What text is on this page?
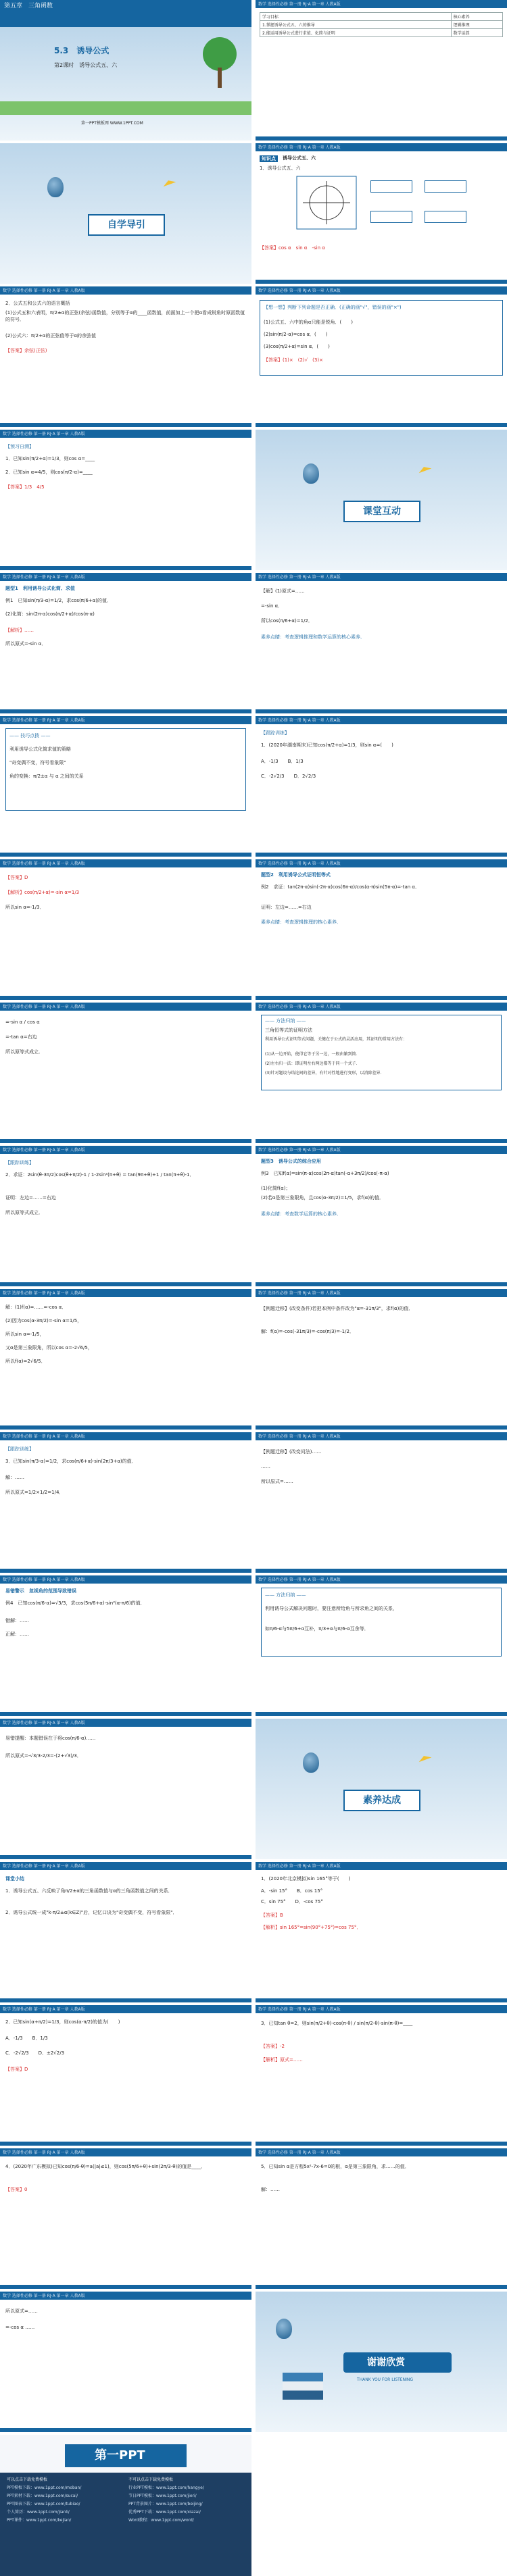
第五章　三角函数
5.3　诱导公式
第2课时　诱导公式五、六
第一PPT模板网 WWW.1PPT.COM
数学 选择性必修 第一册 RJ·A 第一章 人教A版
学习目标	核心素养
1.掌握诱导公式五、六的推导	逻辑推理
2.能运用诱导公式进行求值、化简与证明	数学运算
自学导引
数学 选择性必修 第一册 RJ·A 第一章 人教A版
知识点	诱导公式五、六
1．诱导公式五、六
【答案】cos α　sin α　-sin α
数学 选择性必修 第一册 RJ·A 第一章 人教A版
2．公式五和公式六的语言概括
(1)公式五和六表明，π/2±α的正弦(余弦)函数值，分别等于α的____函数值，前面加上一个把α看成锐角时原函数值的符号．
(2)公式六：π/2+α的正弦值等于α的余弦值
【答案】余弦(正弦)
数学 选择性必修 第一册 RJ·A 第一章 人教A版
【想一想】判断下列命题是否正确．(正确的画"√"，错误的画"×")
(1)公式五、六中的角α只能是锐角．(　　)
(2)sin(π/2-α)=cos α．(　　)
(3)cos(π/2+α)=sin α．(　　)
【答案】(1)×　(2)√　(3)×
数学 选择性必修 第一册 RJ·A 第一章 人教A版
【预习自测】
1．已知sin(π/2+α)=1/3，则cos α=____
2．已知sin α=4/5，则cos(π/2-α)=____
【答案】1/3　4/5
课堂互动
数学 选择性必修 第一册 RJ·A 第一章 人教A版
题型1　利用诱导公式化简、求值
例1　已知sin(π/3-α)=1/2，求cos(π/6+α)的值．
(2)化简：sin(2π-α)cos(π/2+α)/cos(π-α)
【解析】……
所以原式=-sin α．
数学 选择性必修 第一册 RJ·A 第一章 人教A版
【解】(1)原式=……
=-sin α．
所以cos(π/6+α)=1/2．
素养点睛：考查逻辑推理和数学运算的核心素养．
数学 选择性必修 第一册 RJ·A 第一章 人教A版
—— 技巧点拨 ——
利用诱导公式化简求值的策略
"奇变偶不变，符号看象限"
角的变换：π/2±α 与 α 之间的关系
数学 选择性必修 第一册 RJ·A 第一章 人教A版
【跟踪训练】
1．(2020年湖南期末)已知cos(π/2+α)=1/3，则sin α=(　　)
A．-1/3　　B．1/3
C．-2√2/3　　D．2√2/3
数学 选择性必修 第一册 RJ·A 第一章 人教A版
【答案】D
【解析】cos(π/2+α)=-sin α=1/3
所以sin α=-1/3．
数学 选择性必修 第一册 RJ·A 第一章 人教A版
题型2　利用诱导公式证明恒等式
例2　求证：tan(2π-α)sin(-2π-α)cos(6π-α)/cos(α-π)sin(5π-α)=-tan α．
证明：左边=……=右边
素养点睛：考查逻辑推理的核心素养．
数学 选择性必修 第一册 RJ·A 第一章 人教A版
=-sin α / cos α
=-tan α=右边
所以原等式成立．
数学 选择性必修 第一册 RJ·A 第一章 人教A版
—— 方法归纳 ——
三角恒等式的证明方法
利用诱导公式证明等式问题，关键在于公式的灵活应用，其证明的常用方法有：
(1)从一边开始，使得它等于另一边，一般由繁到简．
(2)左右归一法：即证明左右两边都等于同一个式子．
(3)针对题设与结论间的差异，有针对性地进行变形，以消除差异．
数学 选择性必修 第一册 RJ·A 第一章 人教A版
【跟踪训练】
2．求证：2sin(θ-3π/2)cos(θ+π/2)-1 / 1-2sin²(π+θ) = tan(9π+θ)+1 / tan(π+θ)-1．
证明：左边=……=右边
所以原等式成立．
数学 选择性必修 第一册 RJ·A 第一章 人教A版
题型3　诱导公式的综合应用
例3　已知f(α)=sin(π-α)cos(2π-α)tan(-α+3π/2)/cos(-π-α)
(1)化简f(α)；
(2)若α是第三象限角，且cos(α-3π/2)=1/5，求f(α)的值．
素养点睛：考查数学运算的核心素养．
数学 选择性必修 第一册 RJ·A 第一章 人教A版
解：(1)f(α)=……=-cos α．
(2)因为cos(α-3π/2)=-sin α=1/5，
所以sin α=-1/5，
又α是第三象限角，所以cos α=-2√6/5，
所以f(α)=2√6/5．
数学 选择性必修 第一册 RJ·A 第一章 人教A版
【例题迁移】(改变条件)若把本例中条件改为"α=-31π/3"，求f(α)的值．
解：f(α)=-cos(-31π/3)=-cos(π/3)=-1/2．
数学 选择性必修 第一册 RJ·A 第一章 人教A版
【跟踪训练】
3．已知sin(π/3-α)=1/2，求cos(π/6+α)·sin(2π/3+α)的值．
解：……
所以原式=1/2×1/2=1/4．
数学 选择性必修 第一册 RJ·A 第一章 人教A版
【例题迁移】(改变问法)……
……
所以原式=……
数学 选择性必修 第一册 RJ·A 第一章 人教A版
易错警示　忽视角的范围导致错误
例4　已知cos(π/6-α)=√3/3，求cos(5π/6+α)-sin²(α-π/6)的值．
错解：……
正解：……
数学 选择性必修 第一册 RJ·A 第一章 人教A版
—— 方法归纳 ——
利用诱导公式解决问题时，要注意所给角与所求角之间的关系，
如π/6-α与5π/6+α互补，π/3+α与π/6-α互余等．
数学 选择性必修 第一册 RJ·A 第一章 人教A版
易错提醒：本题错误在于将cos(π/6-α)……
所以原式=-√3/3-2/3=-(2+√3)/3．
素养达成
数学 选择性必修 第一册 RJ·A 第一章 人教A版
课堂小结
1．诱导公式五、六反映了角π/2±α的三角函数值与α的三角函数值之间的关系．
2．诱导公式统一成"k·π/2±α(k∈Z)"后，记忆口诀为"奇变偶不变，符号看象限"．
数学 选择性必修 第一册 RJ·A 第一章 人教A版
1．(2020年北京模拟)sin 165°等于(　　)
A．-sin 15°　　B．cos 15°
C．sin 75°　　D．-cos 75°
【答案】B
【解析】sin 165°=sin(90°+75°)=cos 75°．
数学 选择性必修 第一册 RJ·A 第一章 人教A版
2．已知sin(α+π/2)=1/3，则cos(α-π/2)的值为(　　)
A．-1/3　　B．1/3
C．-2√2/3　　D．±2√2/3
【答案】D
数学 选择性必修 第一册 RJ·A 第一章 人教A版
3．已知tan θ=2，则sin(π/2+θ)-cos(π-θ) / sin(π/2-θ)-sin(π-θ)=____
【答案】-2
【解析】原式=……
数学 选择性必修 第一册 RJ·A 第一章 人教A版
4．(2020年广东模拟)已知cos(π/6-θ)=a(|a|≤1)，则cos(5π/6+θ)+sin(2π/3-θ)的值是____．
【答案】0
数学 选择性必修 第一册 RJ·A 第一章 人教A版
5．已知sin α是方程5x²-7x-6=0的根，α是第三象限角，求……的值．
解：……
数学 选择性必修 第一册 RJ·A 第一章 人教A版
所以原式=……
=-cos α ……
谢谢欣赏
THANK YOU FOR LISTENING
第一PPT
可以点击下载免费模板
PPT模板下载：www.1ppt.com/moban/
PPT素材下载：www.1ppt.com/sucai/
PPT图表下载：www.1ppt.com/tubiao/
个人简历：www.1ppt.com/jianli/
PPT课件：www.1ppt.com/kejian/
不可以点击下载免费模板
行业PPT模板：www.1ppt.com/hangye/
节日PPT模板：www.1ppt.com/jieri/
PPT背景图片：www.1ppt.com/beijing/
优秀PPT下载：www.1ppt.com/xiazai/
Word教程：www.1ppt.com/word/
